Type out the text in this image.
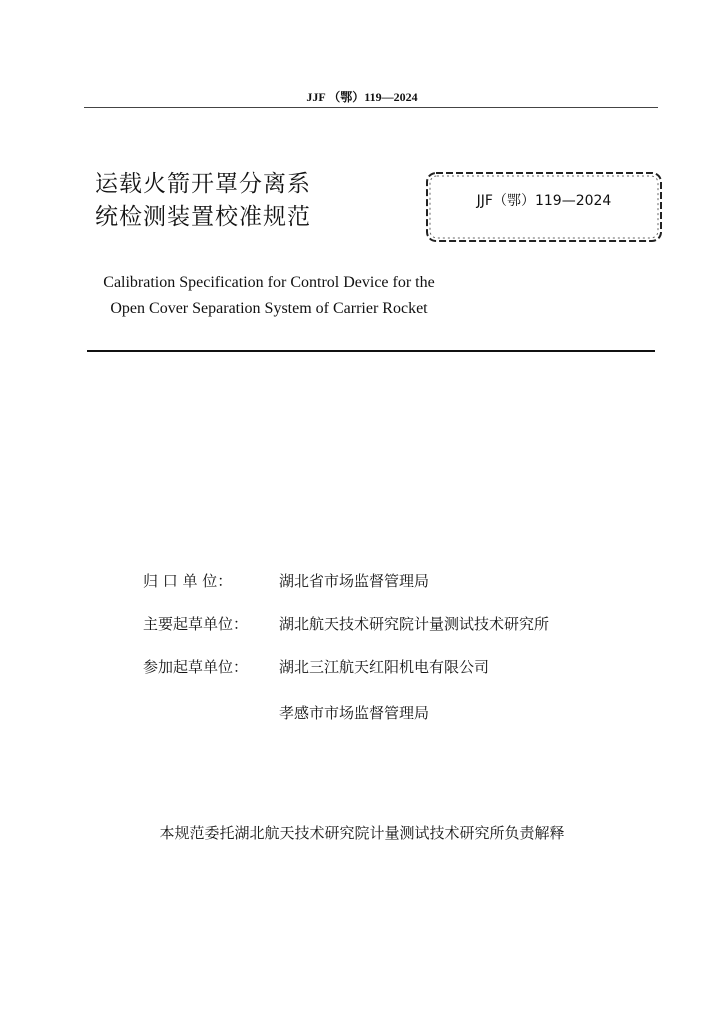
JJF （鄂）119—2024
运载火箭开罩分离系
统检测装置校准规范
JJF（鄂）119—2024
Calibration Specification for Control Device for the
Open Cover Separation System of Carrier Rocket
归 口 单 位：	湖北省市场监督管理局
主要起草单位：	湖北航天技术研究院计量测试技术研究所
参加起草单位：	湖北三江航天红阳机电有限公司
孝感市市场监督管理局
本规范委托湖北航天技术研究院计量测试技术研究所负责解释
